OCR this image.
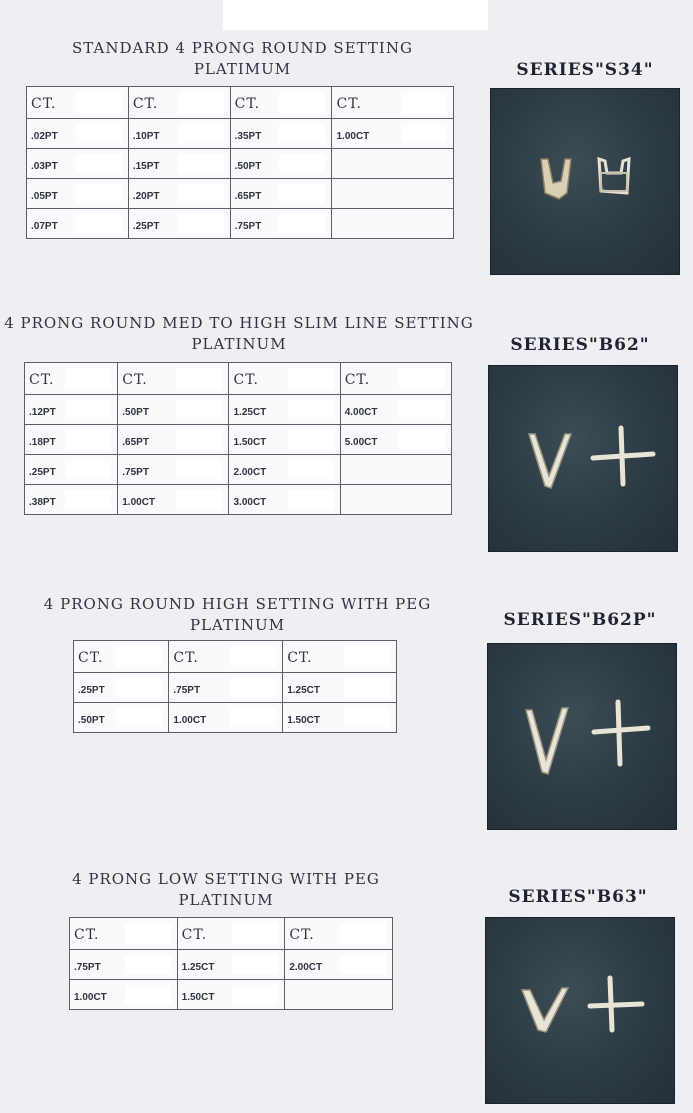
STANDARD 4 PRONG ROUND SETTING
PLATIMUM
CT.	CT.	CT.	CT.

.02PT	.10PT	.35PT	1.00CT

.03PT	.15PT	.50PT

.05PT	.20PT	.65PT

.07PT	.25PT	.75PT

SERIES"S34"
4 PRONG ROUND MED TO HIGH SLIM LINE SETTING
PLATINUM
CT.	CT.	CT.	CT.

.12PT	.50PT	1.25CT	4.00CT

.18PT	.65PT	1.50CT	5.00CT

.25PT	.75PT	2.00CT

.38PT	1.00CT	3.00CT

SERIES"B62"
4 PRONG ROUND HIGH SETTING WITH PEG
PLATINUM
CT.	CT.	CT.

.25PT	.75PT	1.25CT

.50PT	1.00CT	1.50CT
SERIES"B62P"
4 PRONG LOW SETTING WITH PEG
PLATINUM
CT.	CT.	CT.

.75PT	1.25CT	2.00CT

1.00CT	1.50CT

SERIES"B63"
